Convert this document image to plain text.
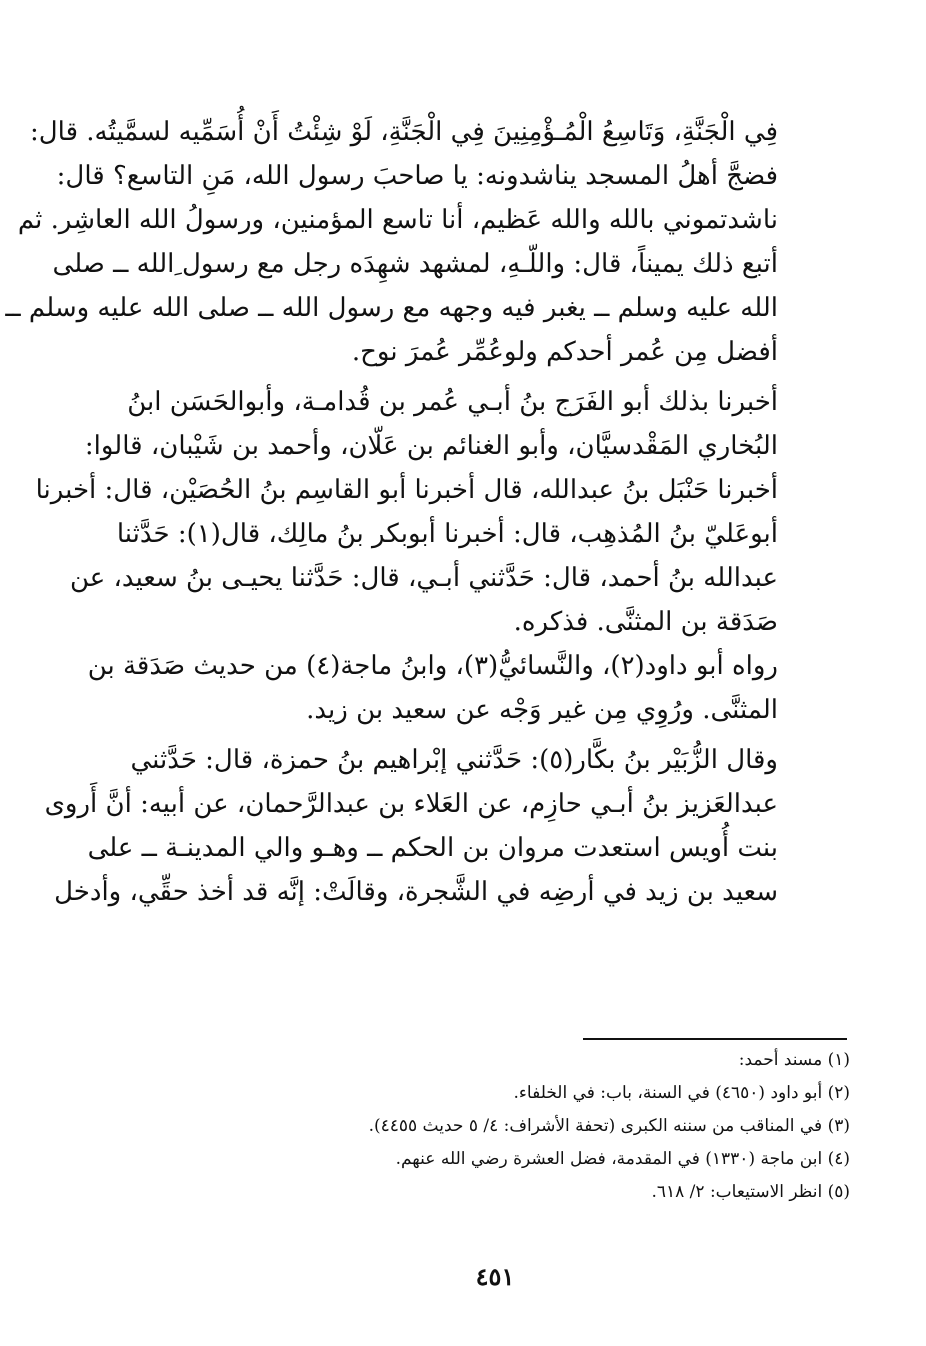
فِي الْجَنَّةِ، وَتَاسِعُ الْمُـؤْمِنِينَ فِي الْجَنَّةِ، لَوْ شِئْتُ أَنْ أُسَمِّيه لسمَّيتُه. قال:
فضجَّ أهلُ المسجد يناشدونه: يا صاحبَ رسول الله، مَنِ التاسع؟ قال:
ناشدتموني بالله والله عَظيم، أنا تاسع المؤمنين، ورسولُ الله العاشِر. ثم
أتبع ذلك يميناً، قال: واللّـهِ، لمشهد شهِدَه رجل مع رسول ِالله ــ صلى
الله عليه وسلم ــ يغبر فيه وجهه مع رسول الله ــ صلى الله عليه وسلم ــ
أفضل مِن عُمر أحدكم ولوعُمِّر عُمرَ نوح.
أخبرنا بذلك أبو الفَرَج بنُ أبـي عُمر بن قُدامـة، وأبوالحَسَن ابنُ
البُخاري المَقْدسيَّان، وأبو الغنائم بن عَلّان، وأحمد بن شَيْبان، قالوا:
أخبرنا حَنْبَل بنُ عبدالله، قال أخبرنا أبو القاسِم بنُ الحُصَيْن، قال: أخبرنا
أبوعَليّ بنُ المُذهِب، قال: أخبرنا أبوبكر بنُ مالِك، قال(١): حَدَّثنا
عبدالله بنُ أحمد، قال: حَدَّثني أبـي، قال: حَدَّثنا يحيـى بنُ سعيد، عن
صَدَقة بن المثنَّى. فذكره.
رواه أبو داود(٢)، والنَّسائيُّ(٣)، وابنُ ماجة(٤) من حديث صَدَقة بن
المثنَّى. ورُوِي مِن غير وَجْه عن سعيد بن زيد.
وقال الزُّبَيْر بنُ بكَّار(٥): حَدَّثني إبْراهيم بنُ حمزة، قال: حَدَّثني
عبدالعَزيز بنُ أبـي حازِم، عن العَلاء بن عبدالرَّحمان، عن أبيه: أنَّ أَروى
بنت أُويس استعدت مروان بن الحكم ــ وهـو والي المدينـة ــ على
سعيد بن زيد في أرضِه في الشَّجرة، وقالَتْ: إنَّه قد أخذ حقِّي، وأدخل
(١) مسند أحمد:
(٢) أبو داود (٤٦٥٠) في السنة، باب: في الخلفاء.
(٣) في المناقب من سننه الكبرى (تحفة الأشراف: ٤/ ٥ حديث ٤٤٥٥).
(٤) ابن ماجة (١٣٣٠) في المقدمة، فضل العشرة رضي الله عنهم.
(٥) انظر الاستيعاب: ٢/ ٦١٨.
٤٥١
